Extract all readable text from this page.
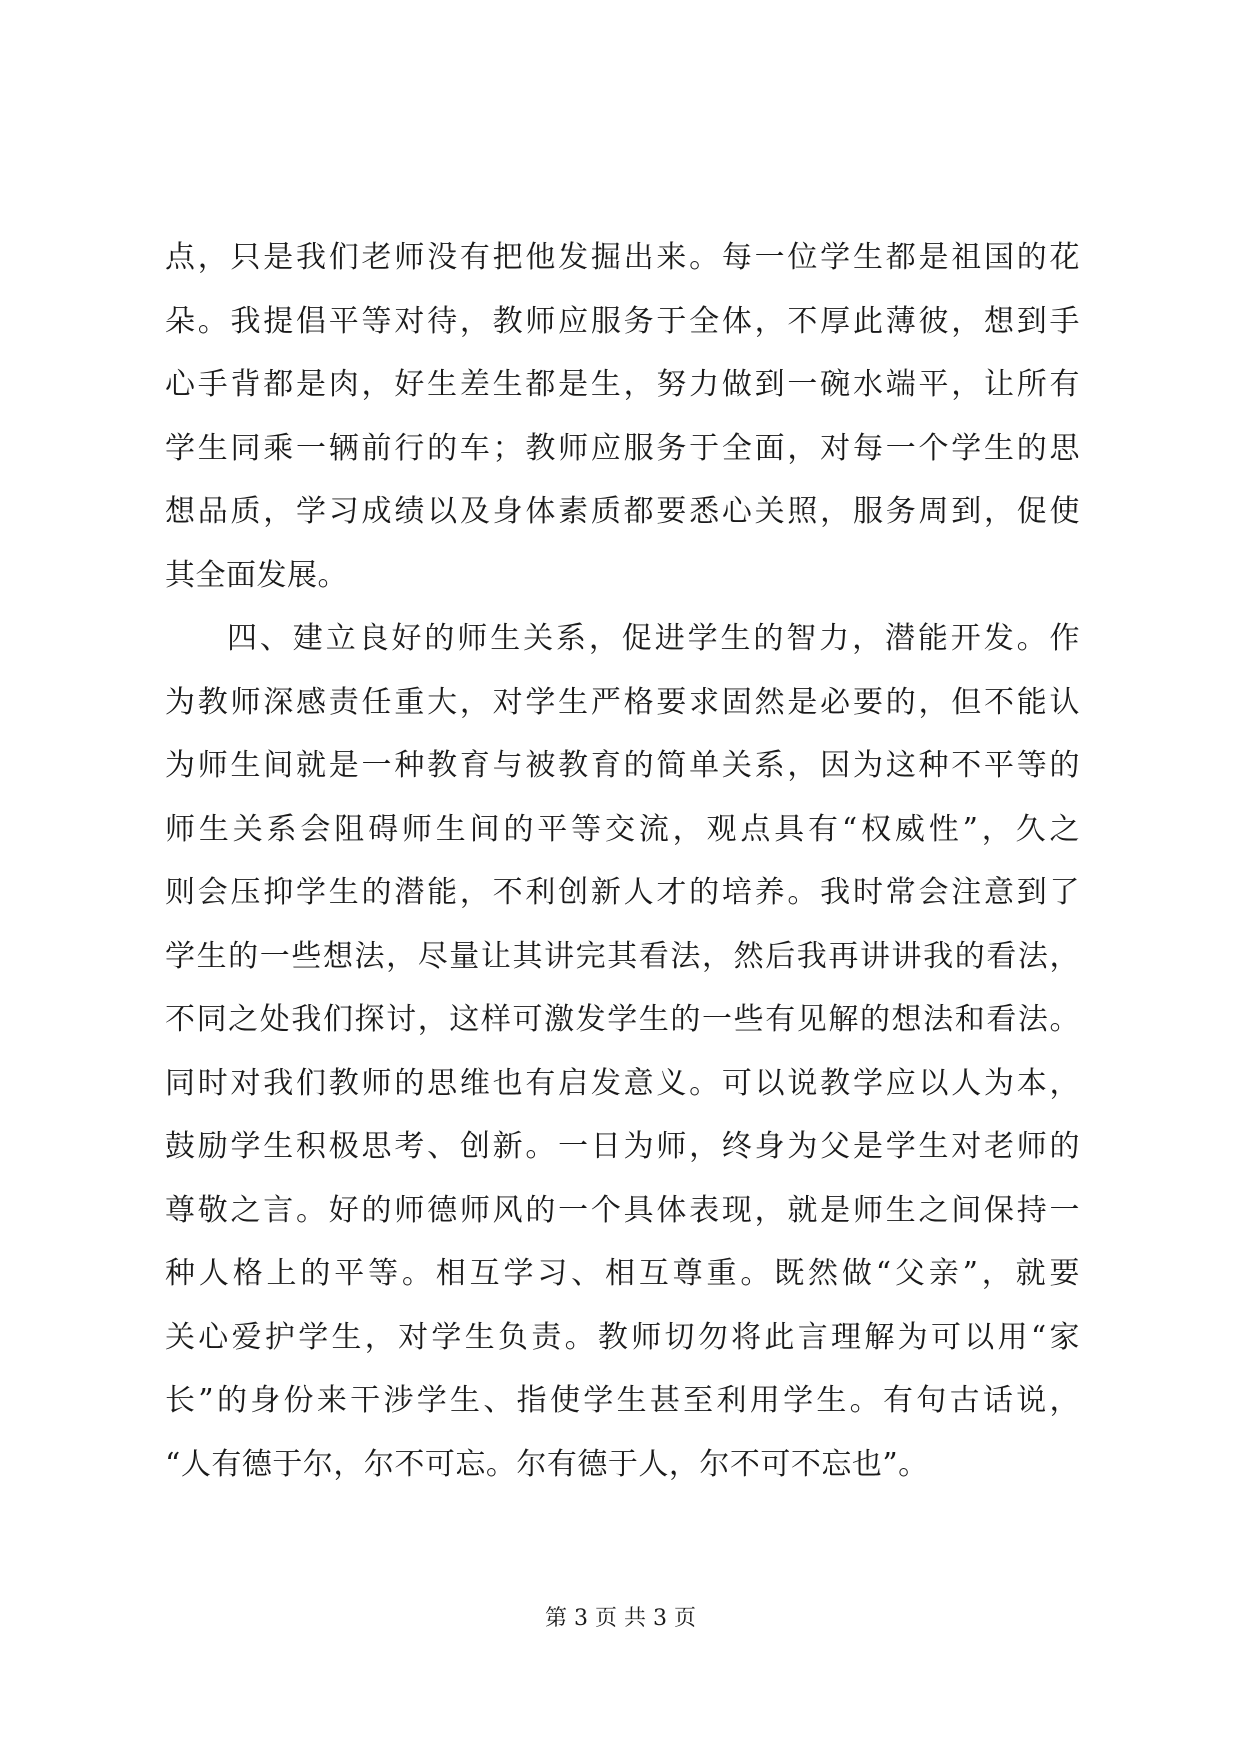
点，只是我们老师没有把他发掘出来。每一位学生都是祖国的花
朵。我提倡平等对待，教师应服务于全体，不厚此薄彼，想到手
心手背都是肉，好生差生都是生，努力做到一碗水端平，让所有
学生同乘一辆前行的车；教师应服务于全面，对每一个学生的思
想品质，学习成绩以及身体素质都要悉心关照，服务周到，促使
其全面发展。
四、建立良好的师生关系，促进学生的智力，潜能开发。作
为教师深感责任重大，对学生严格要求固然是必要的，但不能认
为师生间就是一种教育与被教育的简单关系，因为这种不平等的
师生关系会阻碍师生间的平等交流，观点具有“权威性”，久之
则会压抑学生的潜能，不利创新人才的培养。我时常会注意到了
学生的一些想法，尽量让其讲完其看法，然后我再讲讲我的看法，
不同之处我们探讨，这样可激发学生的一些有见解的想法和看法。
同时对我们教师的思维也有启发意义。可以说教学应以人为本，
鼓励学生积极思考、创新。一日为师，终身为父是学生对老师的
尊敬之言。好的师德师风的一个具体表现，就是师生之间保持一
种人格上的平等。相互学习、相互尊重。既然做“父亲”，就要
关心爱护学生，对学生负责。教师切勿将此言理解为可以用“家
长”的身份来干涉学生、指使学生甚至利用学生。有句古话说，
“人有德于尔，尔不可忘。尔有德于人，尔不可不忘也”。
第 3 页 共 3 页
